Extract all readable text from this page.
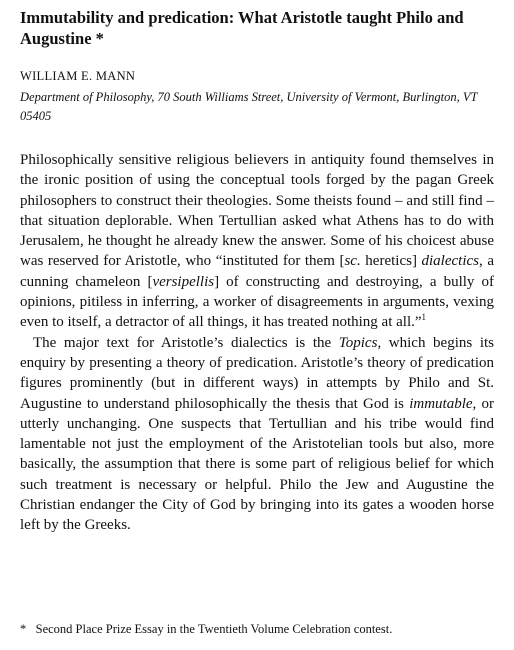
Immutability and predication: What Aristotle taught Philo and Augustine *
WILLIAM E. MANN
Department of Philosophy, 70 South Williams Street, University of Vermont, Burlington, VT 05405

Philosophically sensitive religious believers in antiquity found themselves in the ironic position of using the conceptual tools forged by the pagan Greek philosophers to construct their theologies. Some theists found – and still find – that situation deplorable. When Tertullian asked what Athens has to do with Jerusalem, he thought he already knew the answer. Some of his choicest abuse was reserved for Aristotle, who “instituted for them [sc. heretics] dialectics, a cunning chameleon [versipellis] of constructing and destroying, a bully of opinions, pitiless in inferring, a worker of disagreements in arguments, vexing even to itself, a detractor of all things, it has treated nothing at all.”$^1$

The major text for Aristotle’s dialectics is the Topics, which begins its enquiry by presenting a theory of predication. Aristotle’s theory of predication figures prominently (but in different ways) in attempts by Philo and St. Augustine to understand philosophically the thesis that God is immutable, or utterly unchanging. One suspects that Tertullian and his tribe would find lamentable not just the employment of the Aristotelian tools but also, more basically, the assumption that there is some part of religious belief for which such treatment is necessary or helpful. Philo the Jew and Augustine the Christian endanger the City of God by bringing into its gates a wooden horse left by the Greeks.

* Second Place Prize Essay in the Twentieth Volume Celebration contest.
